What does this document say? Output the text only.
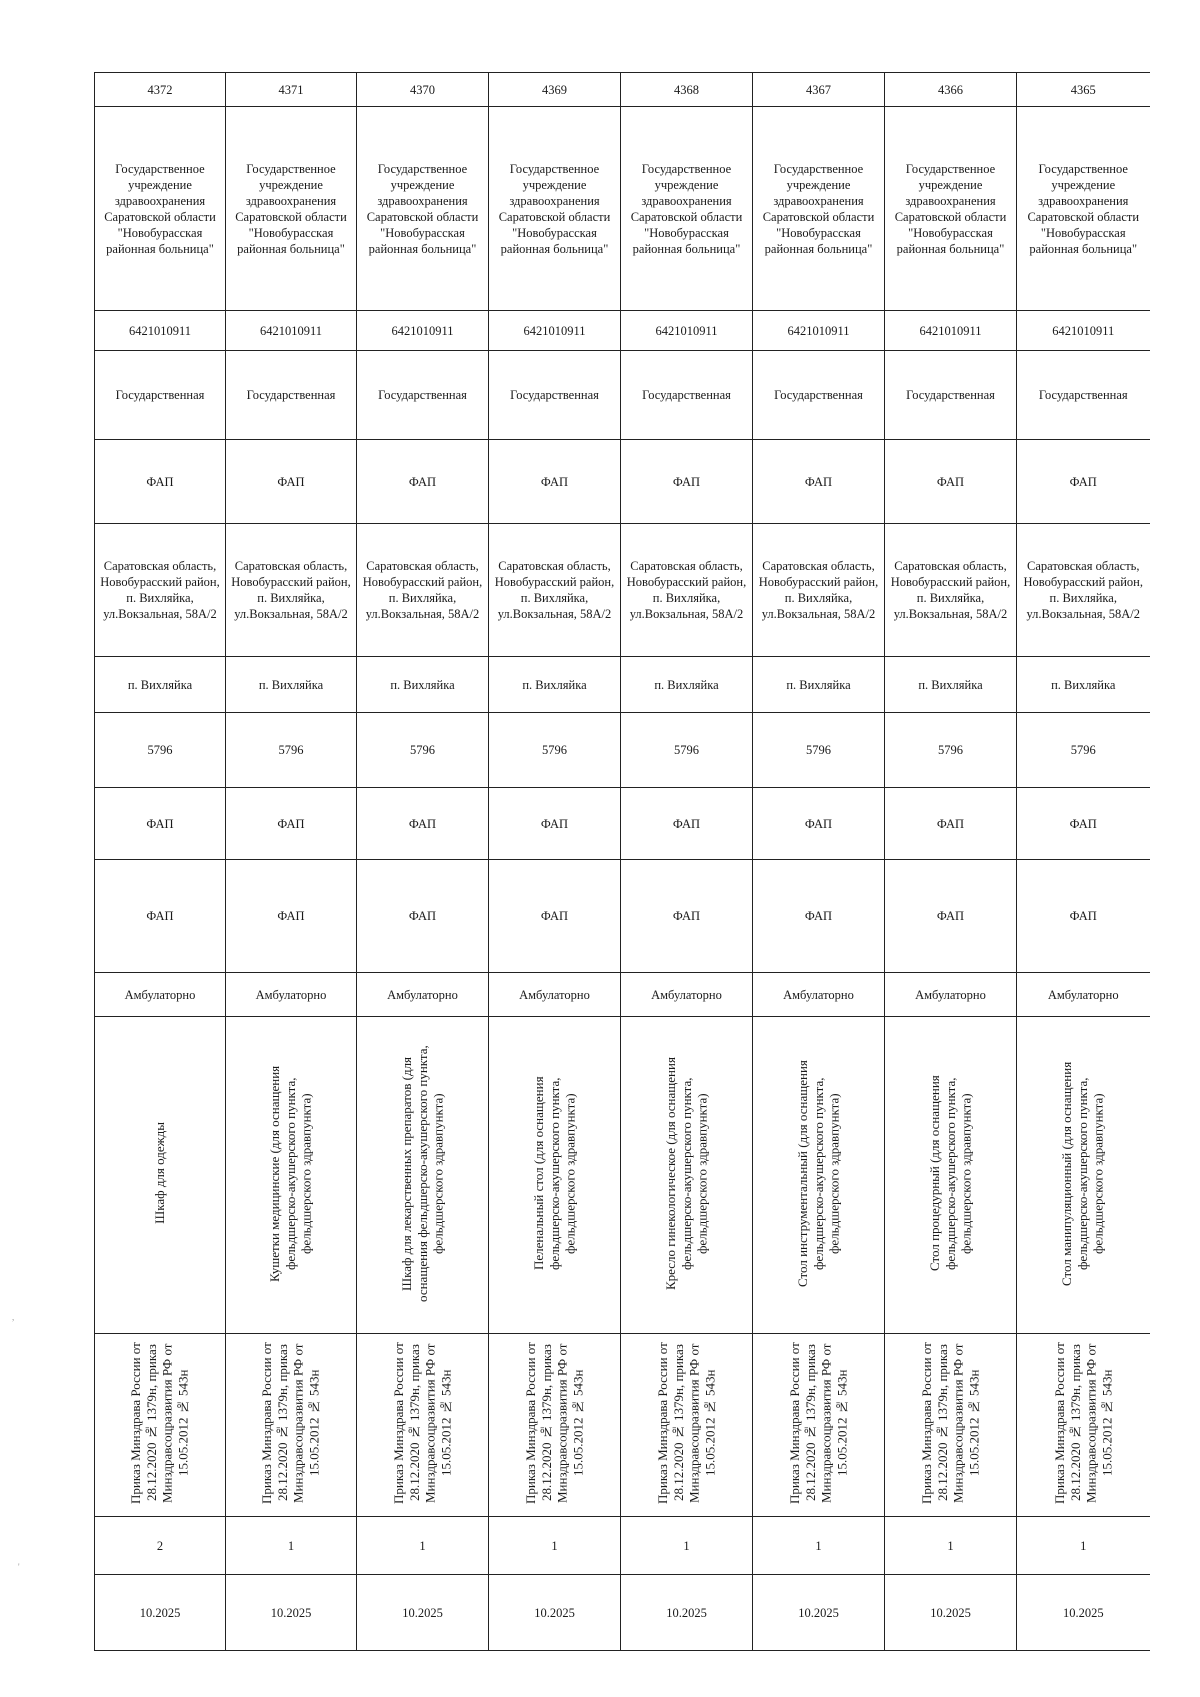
4372	4371	4370	4369	4368	4367	4366	4365
Государственное учреждение здравоохранения Саратовской области "Новобурасская районная больница"	Государственное учреждение здравоохранения Саратовской области "Новобурасская районная больница"	Государственное учреждение здравоохранения Саратовской области "Новобурасская районная больница"	Государственное учреждение здравоохранения Саратовской области "Новобурасская районная больница"	Государственное учреждение здравоохранения Саратовской области "Новобурасская районная больница"	Государственное учреждение здравоохранения Саратовской области "Новобурасская районная больница"	Государственное учреждение здравоохранения Саратовской области "Новобурасская районная больница"	Государственное учреждение здравоохранения Саратовской области "Новобурасская районная больница"
6421010911	6421010911	6421010911	6421010911	6421010911	6421010911	6421010911	6421010911
Государственная	Государственная	Государственная	Государственная	Государственная	Государственная	Государственная	Государственная
ФАП	ФАП	ФАП	ФАП	ФАП	ФАП	ФАП	ФАП
Саратовская область, Новобурасский район, п. Вихляйка, ул.Вокзальная, 58А/2	Саратовская область, Новобурасский район, п. Вихляйка, ул.Вокзальная, 58А/2	Саратовская область, Новобурасский район, п. Вихляйка, ул.Вокзальная, 58А/2	Саратовская область, Новобурасский район, п. Вихляйка, ул.Вокзальная, 58А/2	Саратовская область, Новобурасский район, п. Вихляйка, ул.Вокзальная, 58А/2	Саратовская область, Новобурасский район, п. Вихляйка, ул.Вокзальная, 58А/2	Саратовская область, Новобурасский район, п. Вихляйка, ул.Вокзальная, 58А/2	Саратовская область, Новобурасский район, п. Вихляйка, ул.Вокзальная, 58А/2
п. Вихляйка	п. Вихляйка	п. Вихляйка	п. Вихляйка	п. Вихляйка	п. Вихляйка	п. Вихляйка	п. Вихляйка
5796	5796	5796	5796	5796	5796	5796	5796
ФАП	ФАП	ФАП	ФАП	ФАП	ФАП	ФАП	ФАП
ФАП	ФАП	ФАП	ФАП	ФАП	ФАП	ФАП	ФАП
Амбулаторно	Амбулаторно	Амбулаторно	Амбулаторно	Амбулаторно	Амбулаторно	Амбулаторно	Амбулаторно
Шкаф для одежды	Кушетки медицинские (для оснащения фельдшерско-акушерского пункта, фельдшерского здравпункта)	Шкаф для лекарственных препаратов (для оснащения фельдшерско-акушерского пункта, фельдшерского здравпункта)	Пеленальный стол (для оснащения фельдшерско-акушерского пункта, фельдшерского здравпункта)	Кресло гинекологическое (для оснащения фельдшерско-акушерского пункта, фельдшерского здравпункта)	Стол инструментальный (для оснащения фельдшерско-акушерского пункта, фельдшерского здравпункта)	Стол процедурный (для оснащения фельдшерско-акушерского пункта, фельдшерского здравпункта)	Стол манипуляционный (для оснащения фельдшерско-акушерского пункта, фельдшерского здравпункта)
Приказ Минздрава России от 28.12.2020 № 1379н, приказ Минздравсоцразвития РФ от 15.05.2012 № 543н	Приказ Минздрава России от 28.12.2020 № 1379н, приказ Минздравсоцразвития РФ от 15.05.2012 № 543н	Приказ Минздрава России от 28.12.2020 № 1379н, приказ Минздравсоцразвития РФ от 15.05.2012 № 543н	Приказ Минздрава России от 28.12.2020 № 1379н, приказ Минздравсоцразвития РФ от 15.05.2012 № 543н	Приказ Минздрава России от 28.12.2020 № 1379н, приказ Минздравсоцразвития РФ от 15.05.2012 № 543н	Приказ Минздрава России от 28.12.2020 № 1379н, приказ Минздравсоцразвития РФ от 15.05.2012 № 543н	Приказ Минздрава России от 28.12.2020 № 1379н, приказ Минздравсоцразвития РФ от 15.05.2012 № 543н	Приказ Минздрава России от 28.12.2020 № 1379н, приказ Минздравсоцразвития РФ от 15.05.2012 № 543н
2	1	1	1	1	1	1	1
10.2025	10.2025	10.2025	10.2025	10.2025	10.2025	10.2025	10.2025
,
'
